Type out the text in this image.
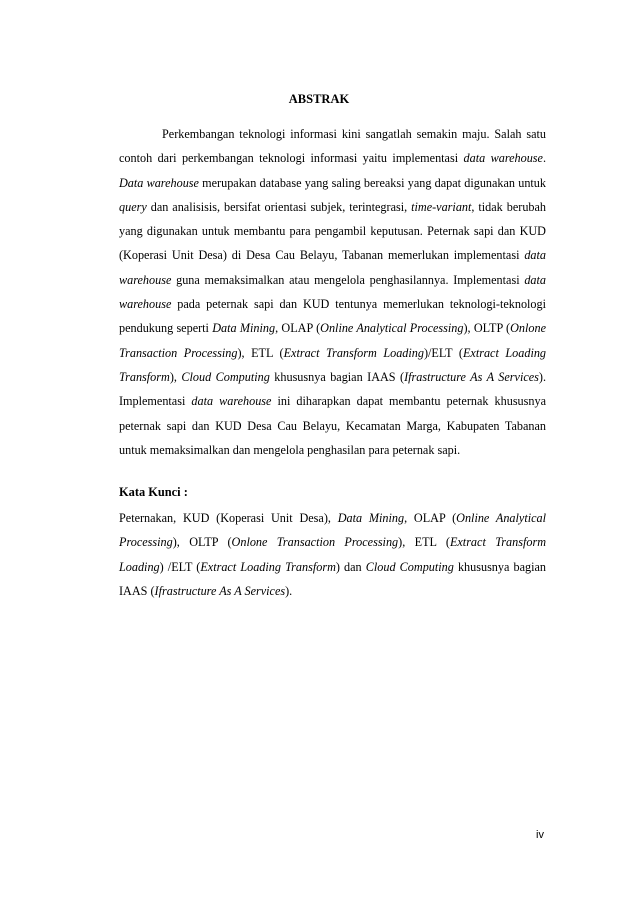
ABSTRAK

Perkembangan teknologi informasi kini sangatlah semakin maju. Salah satu contoh dari perkembangan teknologi informasi yaitu implementasi data warehouse. Data warehouse merupakan database yang saling bereaksi yang dapat digunakan untuk query dan analisisis, bersifat orientasi subjek, terintegrasi, time-variant, tidak berubah yang digunakan untuk membantu para pengambil keputusan. Peternak sapi dan KUD (Koperasi Unit Desa) di Desa Cau Belayu, Tabanan memerlukan implementasi data warehouse guna memaksimalkan atau mengelola penghasilannya. Implementasi data warehouse pada peternak sapi dan KUD tentunya memerlukan teknologi-teknologi pendukung seperti Data Mining, OLAP (Online Analytical Processing), OLTP (Onlone Transaction Processing), ETL (Extract Transform Loading)/ELT (Extract Loading Transform), Cloud Computing khususnya bagian IAAS (Ifrastructure As A Services). Implementasi data warehouse ini diharapkan dapat membantu peternak khususnya peternak sapi dan KUD Desa Cau Belayu, Kecamatan Marga, Kabupaten Tabanan untuk memaksimalkan dan mengelola penghasilan para peternak sapi.

Kata Kunci :

Peternakan, KUD (Koperasi Unit Desa), Data Mining, OLAP (Online Analytical Processing), OLTP (Onlone Transaction Processing), ETL (Extract Transform Loading) /ELT (Extract Loading Transform) dan Cloud Computing khususnya bagian IAAS (Ifrastructure As A Services).

iv
